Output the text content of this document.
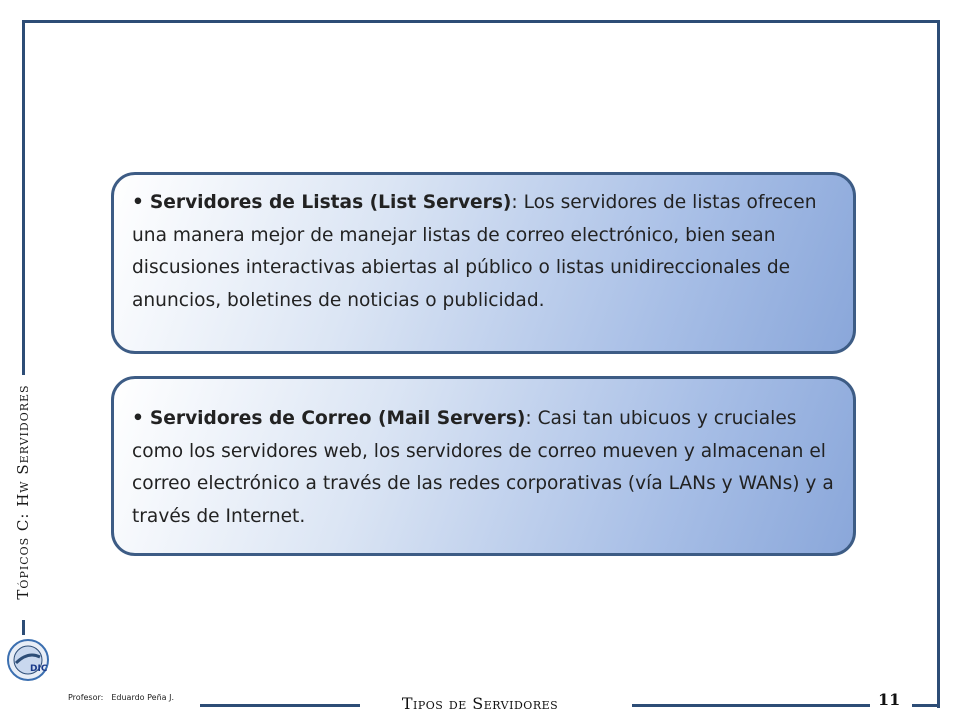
Tópicos C: Hw Servidores
DIC
• Servidores de Listas (List Servers): Los servidores de listas ofrecen una manera mejor de manejar listas de correo electrónico, bien sean discusiones interactivas abiertas al público o listas unidireccionales de anuncios, boletines de noticias o publicidad.
• Servidores de Correo (Mail Servers): Casi tan ubicuos y cruciales como los servidores web, los servidores de correo mueven y almacenan el correo electrónico a través de las redes corporativas (vía LANs y WANs) y a través de Internet.
Profesor: Eduardo Peña J.	Tipos de Servidores	11
